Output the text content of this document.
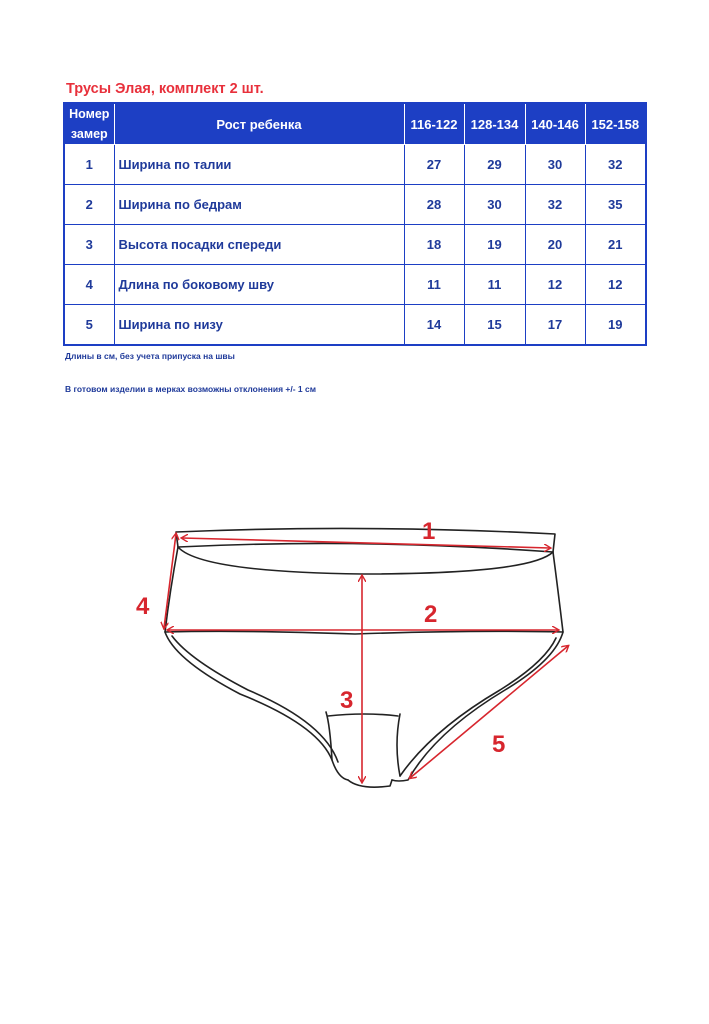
Трусы Элая, комплект 2 шт.
Номер
замер	Рост ребенка	116-122	128-134	140-146	152-158
1	Ширина по талии	27	29	30	32
2	Ширина по бедрам	28	30	32	35
3	Высота посадки спереди	18	19	20	21
4	Длина по боковому шву	11	11	12	12
5	Ширина по низу	14	15	17	19

Длины в см, без учета припуска на швы

В готовом изделии в мерках возможны отклонения +/- 1 см

1
2
3
4
5
